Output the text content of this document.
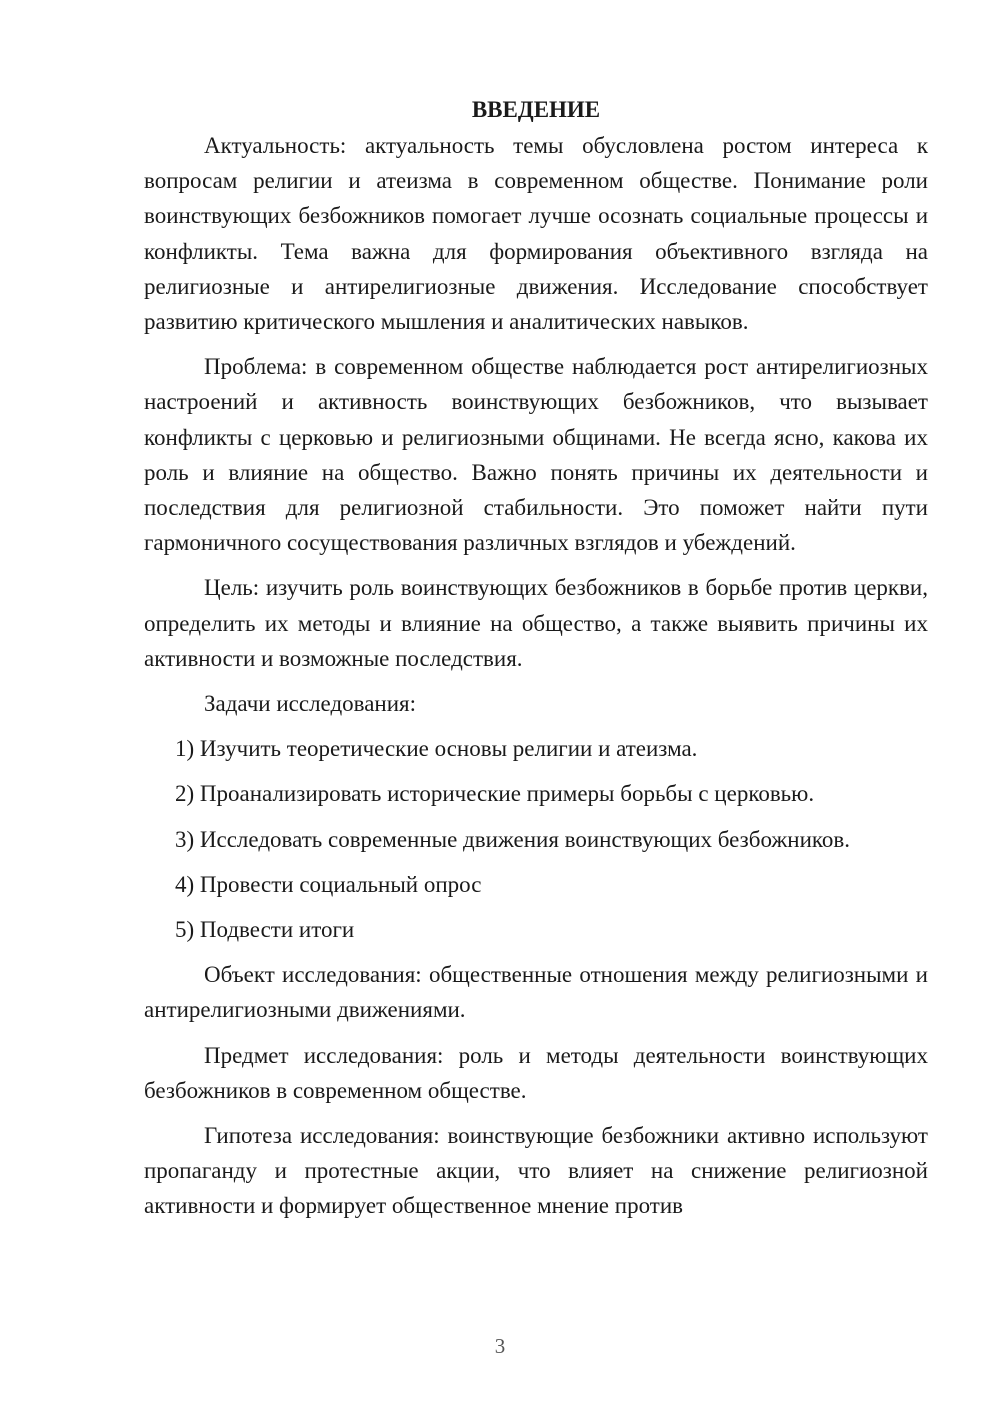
ВВЕДЕНИЕ

Актуальность: актуальность темы обусловлена ростом интереса к вопросам религии и атеизма в современном обществе. Понимание роли воинствующих безбожников помогает лучше осознать социальные процессы и конфликты. Тема важна для формирования объективного взгляда на религиозные и антирелигиозные движения. Исследование способствует развитию критического мышления и аналитических навыков.

Проблема: в современном обществе наблюдается рост антирелигиозных настроений и активность воинствующих безбожников, что вызывает конфликты с церковью и религиозными общинами. Не всегда ясно, какова их роль и влияние на общество. Важно понять причины их деятельности и последствия для религиозной стабильности. Это поможет найти пути гармоничного сосуществования различных взглядов и убеждений.

Цель: изучить роль воинствующих безбожников в борьбе против церкви, определить их методы и влияние на общество, а также выявить причины их активности и возможные последствия.

Задачи исследования:

1) Изучить теоретические основы религии и атеизма.
2) Проанализировать исторические примеры борьбы с церковью.
3) Исследовать современные движения воинствующих безбожников.
4) Провести социальный опрос
5) Подвести итоги

Объект исследования: общественные отношения между религиозными и антирелигиозными движениями.

Предмет исследования: роль и методы деятельности воинствующих безбожников в современном обществе.

Гипотеза исследования: воинствующие безбожники активно используют пропаганду и протестные акции, что влияет на снижение религиозной активности и формирует общественное мнение против

3
